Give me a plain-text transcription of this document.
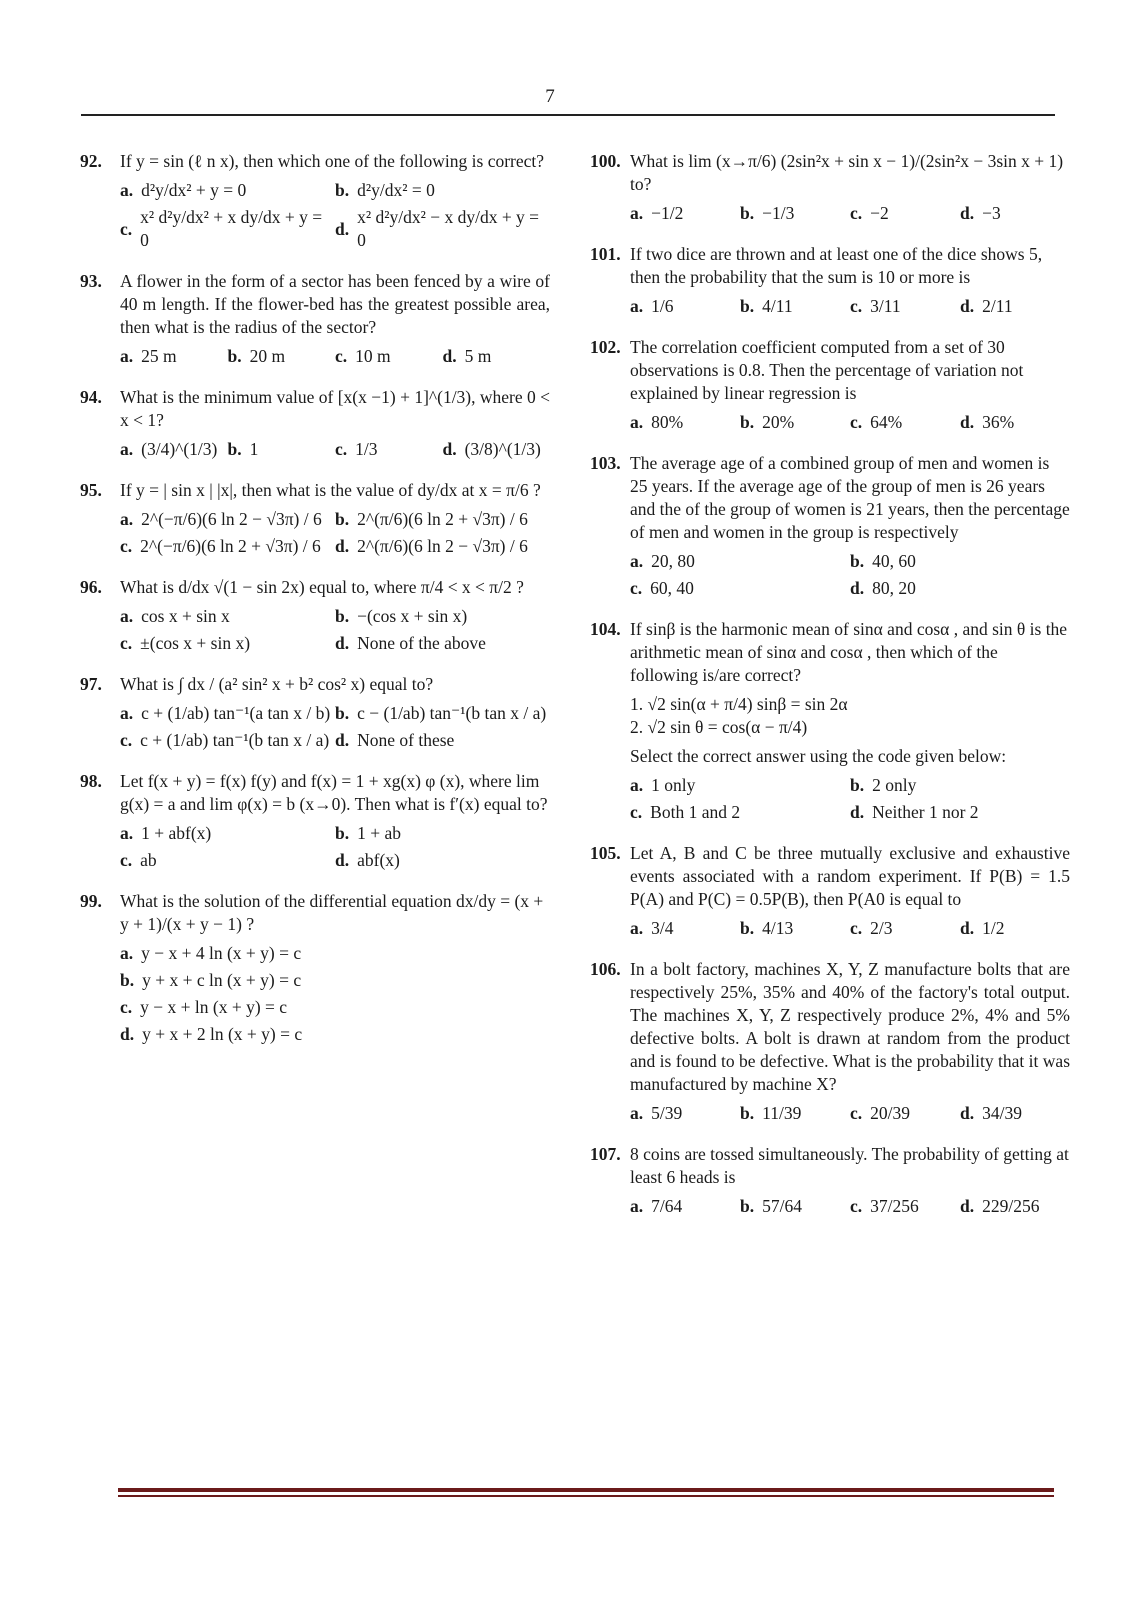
7
92.	If y = sin (ℓ n x), then which one of the following is correct?
a. d²y/dx² + y = 0	b. d²y/dx² = 0
c.
x² d²y/dx² + x dy/dx + y = 0
d.
x² d²y/dx² − x dy/dx + y = 0
93.	A flower in the form of a sector has been fenced by a wire of 40 m length. If the flower-bed has the greatest possible area, then what is the radius of the sector?
a. 25 m	b. 20 m	c. 10 m	d. 5 m
94.	What is the minimum value of [x(x −1) + 1]^(1/3), where 0 < x < 1?
a. (3/4)^(1/3) b. 1	c. 1/3	d. (3/8)^(1/3)
95.	If y = | sin x | |x|, then what is the value of dy/dx at x = π/6 ?
a. 2^(−π/6)(6 ln 2 − √3π) / 6 b. 2^(π/6)(6 ln 2 + √3π) / 6
c. 2^(−π/6)(6 ln 2 + √3π) / 6 d. 2^(π/6)(6 ln 2 − √3π) / 6
96.	What is d/dx √(1 − sin 2x) equal to, where π/4 < x < π/2 ?
a. cos x + sin x	b. −(cos x + sin x)
c. ±(cos x + sin x)	d. None of the above
97.	What is ∫ dx / (a² sin² x + b² cos² x) equal to?
a. c + (1/ab) tan⁻¹(a tan x / b) b. c − (1/ab) tan⁻¹(b tan x / a)
c. c + (1/ab) tan⁻¹(b tan x / a) d. None of these
98.	Let f(x + y) = f(x) f(y) and f(x) = 1 + xg(x) φ (x), where lim g(x) = a and lim φ(x) = b (x→0). Then what is f′(x) equal to?
a. 1 + abf(x)	b. 1 + ab
c. ab	d. abf(x)
99.	What is the solution of the differential equation dx/dy = (x + y + 1)/(x + y − 1) ?
a. y − x + 4 ln (x + y) = c
b. y + x + c ln (x + y) = c
c. y − x + ln (x + y) = c
d. y + x + 2 ln (x + y) = c
100. What is lim (x→π/6) (2sin²x + sin x − 1)/(2sin²x − 3sin x + 1) to?
a. −1/2	b. −1/3	c. −2	d. −3
101. If two dice are thrown and at least one of the dice shows 5, then the probability that the sum is 10 or more is
a. 1/6	b. 4/11	c. 3/11	d. 2/11
102. The correlation coefficient computed from a set of 30 observations is 0.8. Then the percentage of variation not explained by linear regression is
a. 80%	b. 20%	c. 64%	d. 36%
103. The average age of a combined group of men and women is 25 years. If the average age of the group of men is 26 years and the of the group of women is 21 years, then the percentage of men and women in the group is respectively
a. 20, 80	b. 40, 60
c. 60, 40	d. 80, 20
104. If sinβ is the harmonic mean of sinα and cosα , and sin θ is the arithmetic mean of sinα and cosα , then which of the following is/are correct?
1. √2 sin(α + π/4) sinβ = sin 2α
2. √2 sin θ = cos(α − π/4)
Select the correct answer using the code given below:
a. 1 only	b. 2 only
c. Both 1 and 2	d. Neither 1 nor 2
105. Let A, B and C be three mutually exclusive and exhaustive events associated with a random experiment. If P(B) = 1.5 P(A) and P(C) = 0.5P(B), then P(A0 is equal to
a. 3/4	b. 4/13	c. 2/3	d. 1/2
106. In a bolt factory, machines X, Y, Z manufacture bolts that are respectively 25%, 35% and 40% of the factory's total output. The machines X, Y, Z respectively produce 2%, 4% and 5% defective bolts. A bolt is drawn at random from the product and is found to be defective. What is the probability that it was manufactured by machine X?
a. 5/39	b. 11/39	c. 20/39	d. 34/39
107. 8 coins are tossed simultaneously. The probability of getting at least 6 heads is
a. 7/64	b. 57/64	c. 37/256 d. 229/256
